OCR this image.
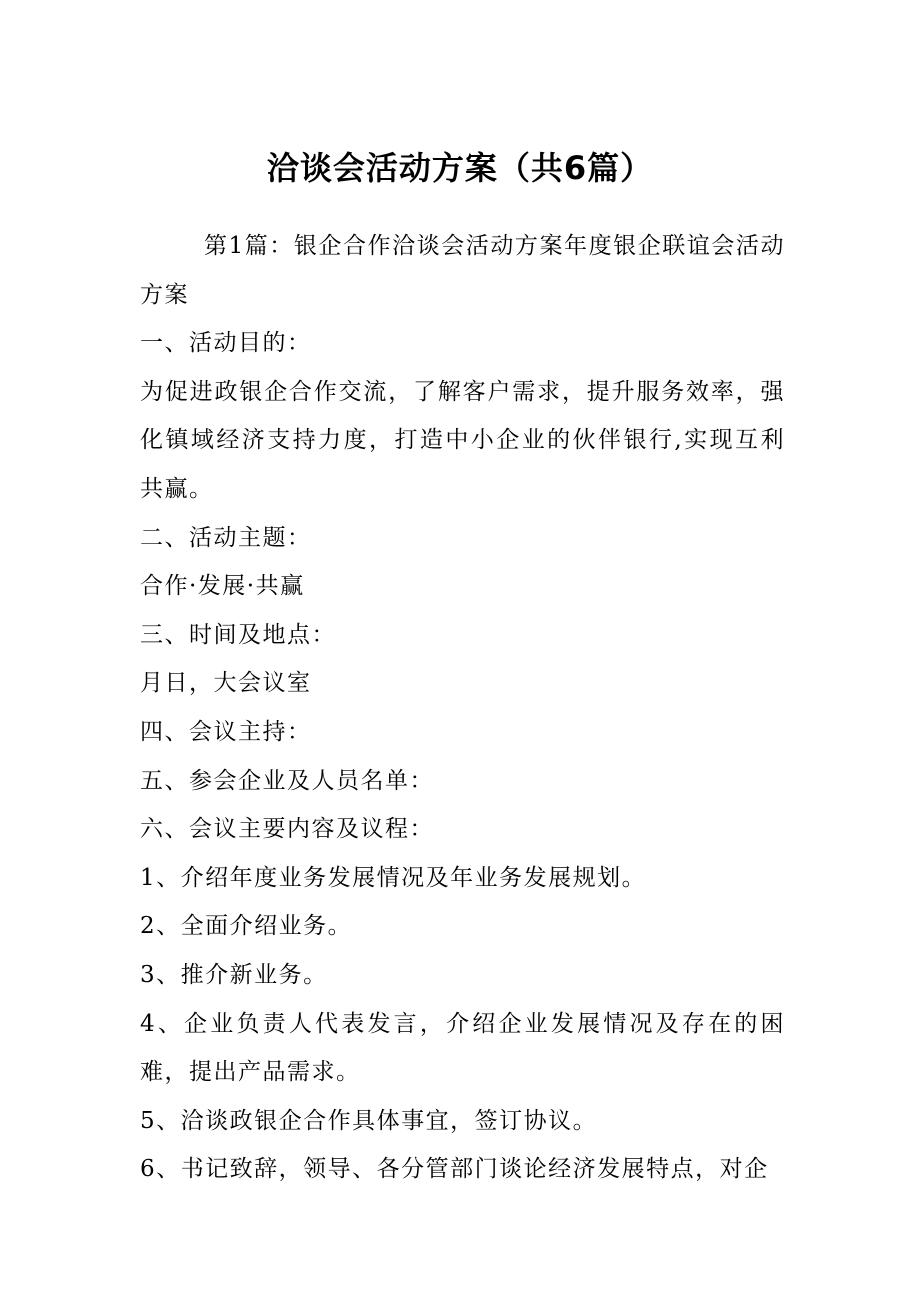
洽谈会活动方案（共6篇）

第1篇：银企合作洽谈会活动方案年度银企联谊会活动方案

一、活动目的：

为促进政银企合作交流，了解客户需求，提升服务效率，强化镇域经济支持力度，打造中小企业的伙伴银行,实现互利共赢。

二、活动主题：

合作·发展·共赢

三、时间及地点：

月日，大会议室

四、会议主持：

五、参会企业及人员名单：

六、会议主要内容及议程：

1、介绍年度业务发展情况及年业务发展规划。

2、全面介绍业务。

3、推介新业务。

4、企业负责人代表发言，介绍企业发展情况及存在的困难，提出产品需求。

5、洽谈政银企合作具体事宜，签订协议。

6、书记致辞，领导、各分管部门谈论经济发展特点，对企
